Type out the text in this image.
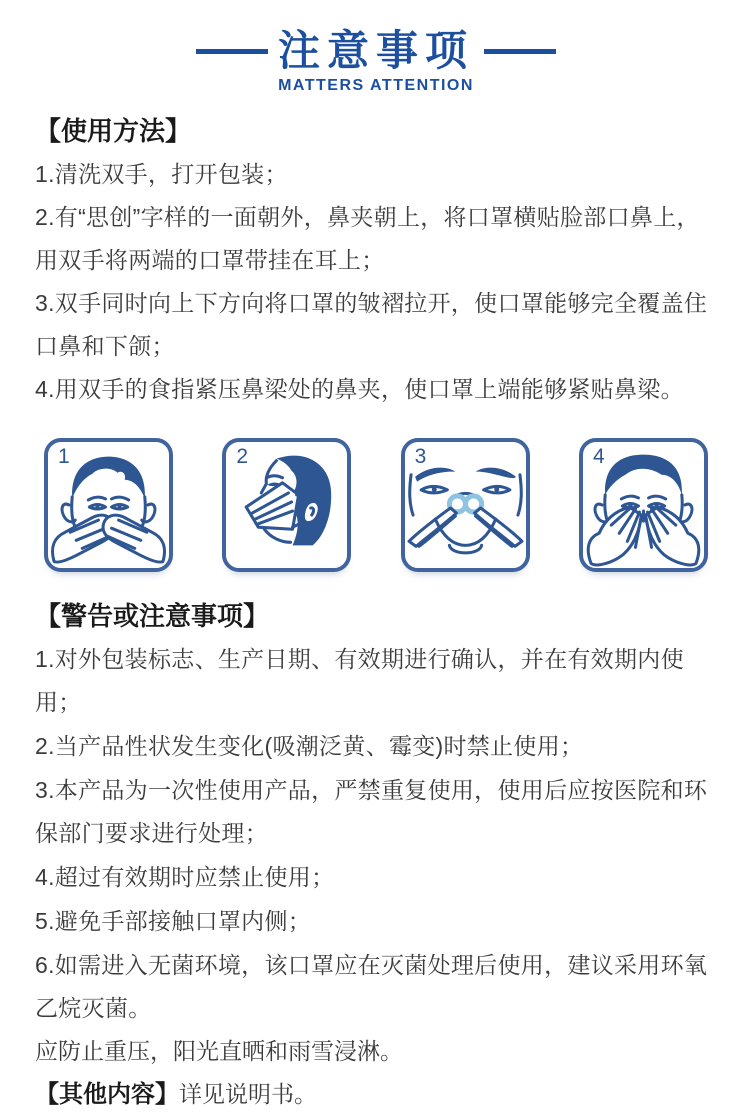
注意事项
MATTERS ATTENTION
【使用方法】
1.清洗双手，打开包装；
2.有“思创”字样的一面朝外，鼻夹朝上，将口罩横贴脸部口鼻上，用双手将两端的口罩带挂在耳上；
3.双手同时向上下方向将口罩的皱褶拉开，使口罩能够完全覆盖住口鼻和下颌；
4.用双手的食指紧压鼻梁处的鼻夹，使口罩上端能够紧贴鼻梁。
1	2	3	4
【警告或注意事项】
1.对外包装标志、生产日期、有效期进行确认，并在有效期内使用；
2.当产品性状发生变化(吸潮泛黄、霉变)时禁止使用；
3.本产品为一次性使用产品，严禁重复使用，使用后应按医院和环保部门要求进行处理；
4.超过有效期时应禁止使用；
5.避免手部接触口罩内侧；
6.如需进入无菌环境，该口罩应在灭菌处理后使用，建议采用环氧乙烷灭菌。
应防止重压，阳光直晒和雨雪浸淋。
【其他内容】详见说明书。
